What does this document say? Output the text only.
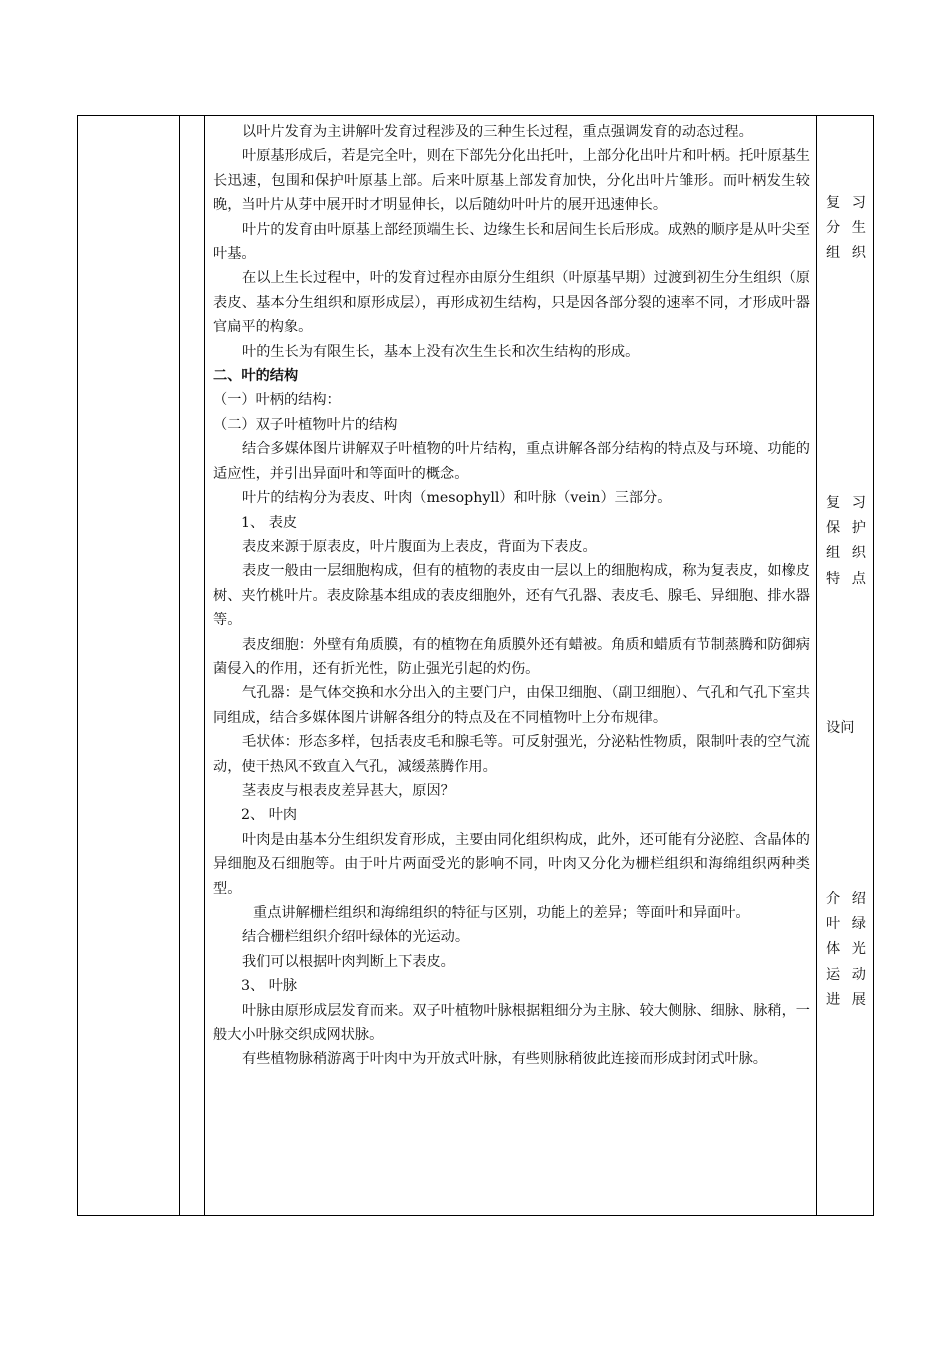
以叶片发育为主讲解叶发育过程涉及的三种生长过程，重点强调发育的动态过程。

叶原基形成后，若是完全叶，则在下部先分化出托叶，上部分化出叶片和叶柄。托叶原基生长迅速，包围和保护叶原基上部。后来叶原基上部发育加快，分化出叶片雏形。而叶柄发生较晚，当叶片从芽中展开时才明显伸长，以后随幼叶叶片的展开迅速伸长。

叶片的发育由叶原基上部经顶端生长、边缘生长和居间生长后形成。成熟的顺序是从叶尖至叶基。

在以上生长过程中，叶的发育过程亦由原分生组织（叶原基早期）过渡到初生分生组织（原表皮、基本分生组织和原形成层），再形成初生结构，只是因各部分裂的速率不同，才形成叶器官扁平的构象。

叶的生长为有限生长，基本上没有次生生长和次生结构的形成。

二、叶的结构

（一）叶柄的结构：

（二）双子叶植物叶片的结构

结合多媒体图片讲解双子叶植物的叶片结构，重点讲解各部分结构的特点及与环境、功能的适应性，并引出异面叶和等面叶的概念。

叶片的结构分为表皮、叶肉（mesophyll）和叶脉（vein）三部分。

1、 表皮

表皮来源于原表皮，叶片腹面为上表皮，背面为下表皮。

表皮一般由一层细胞构成，但有的植物的表皮由一层以上的细胞构成，称为复表皮，如橡皮树、夹竹桃叶片。表皮除基本组成的表皮细胞外，还有气孔器、表皮毛、腺毛、异细胞、排水器等。

表皮细胞：外壁有角质膜，有的植物在角质膜外还有蜡被。角质和蜡质有节制蒸腾和防御病菌侵入的作用，还有折光性，防止强光引起的灼伤。

气孔器：是气体交换和水分出入的主要门户，由保卫细胞、（副卫细胞）、气孔和气孔下室共同组成，结合多媒体图片讲解各组分的特点及在不同植物叶上分布规律。

毛状体：形态多样，包括表皮毛和腺毛等。可反射强光，分泌粘性物质，限制叶表的空气流动，使干热风不致直入气孔，减缓蒸腾作用。

茎表皮与根表皮差异甚大，原因？

2、 叶肉

叶肉是由基本分生组织发育形成，主要由同化组织构成，此外，还可能有分泌腔、含晶体的异细胞及石细胞等。由于叶片两面受光的影响不同，叶肉又分化为栅栏组织和海绵组织两种类型。

重点讲解栅栏组织和海绵组织的特征与区别，功能上的差异；等面叶和异面叶。

结合栅栏组织介绍叶绿体的光运动。

我们可以根据叶肉判断上下表皮。

3、 叶脉

叶脉由原形成层发育而来。双子叶植物叶脉根据粗细分为主脉、较大侧脉、细脉、脉稍，一般大小叶脉交织成网状脉。

有些植物脉稍游离于叶肉中为开放式叶脉，有些则脉稍彼此连接而形成封闭式叶脉。

复习分生组织
复习保护组织特点
设问
介绍叶绿体光运动进展
